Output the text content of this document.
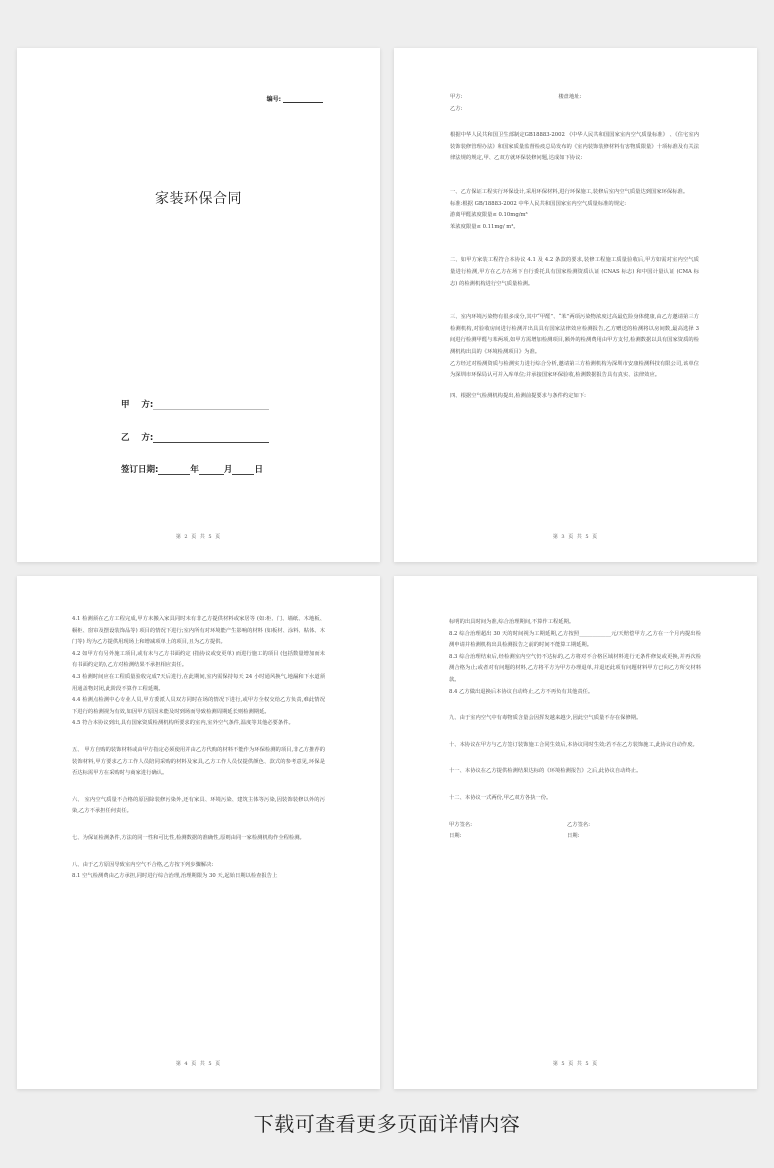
编号:
家装环保合同
甲    方:
乙    方:
签订日期:	年	月	日
第 2 页 共 5 页

甲方:                                                         楼盘地址:

乙方:

根据中华人民共和国卫生部制定GB18883-2002 《中华人民共和国国家室内空气质量标准》 、《住宅室内装饰装修管理办法》和国家质量监督检疫总局发布的《室内装饰装修材料有害物质限量》十项标准及有关法律法规的规定,甲、乙双方就环保装修问题,达成如下协议:

一、乙方保证工程实行环保设计,采用环保材料,进行环保施工,装修后室内空气质量达到国家环保标准。

标准:根据 GB/18883-2002 中华人民共和国国家室内空气质量标准的规定:

游离甲醛浓度限量≤ 0.10mg/m³

苯浓度限量≤ 0.11mg/ m³。

二、如甲方家装工程符合本协议 4.1 及 4.2 条款的要求,装修工程施工质量验收后,甲方如需对室内空气质量进行检测,甲方在乙方在场下自行委托具有国家检测资质认证 (CNAS 标志) 和中国计量认证 (CMA 标志) 的检测机构进行空气质量检测。

三、室内环境污染物有很多成分,其中“甲醛”、“苯”两项污染物浓度过高最危险身体健康,由乙方邀请第三方检测机构,对验收房间进行检测并出具具有国家法律效应检测报告,乙方赠送的检测将以房间数,最高选择 3 间进行检测甲醛与苯两项,如甲方需增加检测项目,额外的检测费用由甲方支付,检测数据以具有国家资质的检测机构出具的《环境检测项目》为准。

乙方经过对检测资质与检测实力进行综合分析,邀请第三方检测机构为深圳市安康检测科技有限公司,该单位为深圳市环保局认可并入库单位;并承接国家环保验收,检测数据报告具有真实、法律效应。

四、根据空气检测机构提出,检测前提要求与条件约定如下:

第 3 页 共 5 页

4.1 检测须在乙方工程完成,甲方未搬入家具同时未有非乙方提供材料或家居等 (如:柜、门、墙纸、木地板、橱柜、窗帘及摆设装饰品等) 项目的情况下进行;室内所有对环境能产生影响的材料 (如板材、涂料、粘体、木门等) 均为乙方提供用现场上和增减项单上的项目,且为乙方提供。

4.2 如甲方有另外施工项目,或有未与乙方书面约定 (指协议或变更单) 而进行施工的项目 (包括数量增加而未有书面约定的),乙方对检测结果不承担相应责任。

4.3 检测时间应在工程质量验收完成7天后进行,在此期间,室内需保持每天 24 小时通风换气,地漏和下水道须用通盖物封闭,此阶段不算作工程延期。

4.4 检测点检测中心专业人员,甲方委派人员双方同时在场的情况下进行,或甲方全权交给乙方负责,难此情况下进行的检测视为有效,如因甲方原因未能及时到场而导致检测周期延长则检测期延。

4.5 符合本协议到出,具有国家资质检测机构所要求的室内,室外空气条件,温度等其他必要条件。

五、 甲方自购的装饰材料或由甲方指定必须使用并由乙方代购的材料不能作为环保检测的项目,非乙方推荐的装饰材料,甲方要求乙方工作人员陪同采购的材料及家具,乙方工作人员仅提供颜色、款式的参考意见,环保是否达标需甲方在采购时与商家进行确认。

六、 室内空气质量不合格的原因除装修污染外,还有家具、环境污染、建筑主体等污染,因装饰装修以外的污染,乙方不承担任何责任。

七、为保证检测条件,方法的同一性和可比性,检测数据的准确性,原则由同一家检测机构作全程检测。

八、由于乙方原因导致室内空气不合格,乙方按下列步骤解决:

8.1 空气检测费由乙方承担,同时进行综合治理,治理期限为 30 天,起始日期以检查报告上

第 4 页 共 5 页

标明的出具时间为准,综合治理期间,不算作工程延期。

8.2 综合治理超出 30 天的时间视为工期延期,乙方按照____________元/天赔偿甲方,乙方在一个月内提出检测申请并检测机构出具检测报告之前的时间不能算工期延期。

8.3 综合治理结束后,经检测室内空气仍不达标的,乙方将对不合格区域材料进行无条件修复或更换,并再次检测合格为止;或者对有问题的材料,乙方将平方为甲方办理退单,并退还此项有问题材料甲方已向乙方所交材料款。

8.4 乙方做出退换后本协议自动终止,乙方不再负有其他责任。

九、由于室内空气中有毒物质含量会因挥发越来越少,因此空气质量不存在保修期。

十、本协议在甲方与乙方签订装饰施工合同生效后,本协议同时生效;若不在乙方装饰施工,此协议自动作废。

十一、本协议在乙方提供检测结果达标的《环境检测报告》之后,此协议自动终止。

十二、本协议一式两份,甲乙双方各执一份。

甲方签名:

日期:

乙方签名:

日期:

第 5 页 共 5 页
下载可查看更多页面详情内容
